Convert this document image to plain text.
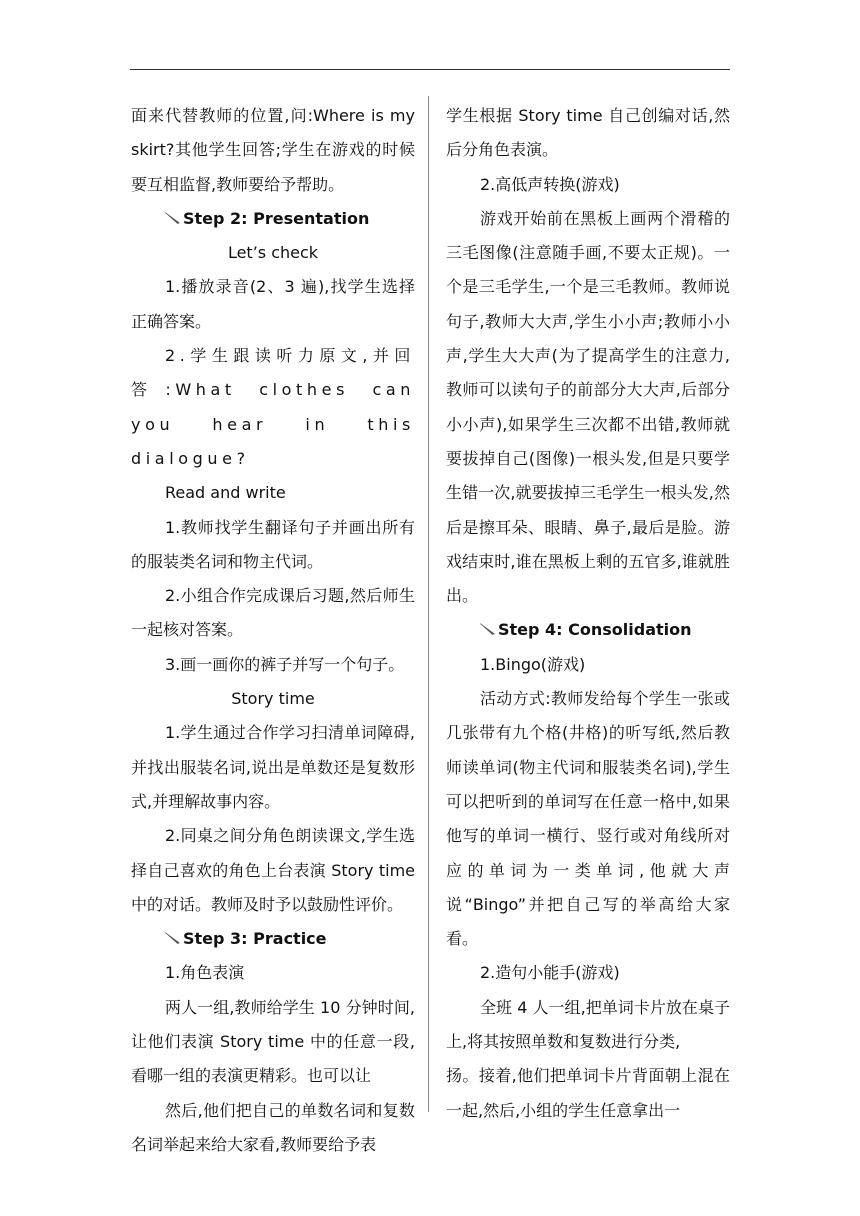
面来代替教师的位置,问:Where is my skirt?其他学生回答;学生在游戏的时候要互相监督,教师要给予帮助。

Step 2: Presentation

Let’s check

1.播放录音(2、3 遍),找学生选择正确答案。

2.学生跟读听力原文,并回答:What clothes can you hear in this dialogue?

Read and write

1.教师找学生翻译句子并画出所有的服装类名词和物主代词。

2.小组合作完成课后习题,然后师生一起核对答案。

3.画一画你的裤子并写一个句子。

Story time

1.学生通过合作学习扫清单词障碍,并找出服装名词,说出是单数还是复数形式,并理解故事内容。

2.同桌之间分角色朗读课文,学生选择自己喜欢的角色上台表演 Story time 中的对话。教师及时予以鼓励性评价。

Step 3: Practice

1.角色表演

两人一组,教师给学生 10 分钟时间,让他们表演 Story time 中的任意一段,看哪一组的表演更精彩。也可以让

然后,他们把自己的单数名词和复数名词举起来给大家看,教师要给予表

学生根据 Story time 自己创编对话,然后分角色表演。

2.高低声转换(游戏)

游戏开始前在黑板上画两个滑稽的三毛图像(注意随手画,不要太正规)。一个是三毛学生,一个是三毛教师。教师说句子,教师大大声,学生小小声;教师小小声,学生大大声(为了提高学生的注意力,教师可以读句子的前部分大大声,后部分小小声),如果学生三次都不出错,教师就要拔掉自己(图像)一根头发,但是只要学生错一次,就要拔掉三毛学生一根头发,然后是擦耳朵、眼睛、鼻子,最后是脸。游戏结束时,谁在黑板上剩的五官多,谁就胜出。

Step 4: Consolidation

1.Bingo(游戏)

活动方式:教师发给每个学生一张或几张带有九个格(井格)的听写纸,然后教师读单词(物主代词和服装类名词),学生可以把听到的单词写在任意一格中,如果他写的单词一横行、竖行或对角线所对应的单词为一类单词,他就大声说“Bingo”并把自己写的举高给大家看。

2.造句小能手(游戏)

全班 4 人一组,把单词卡片放在桌子上,将其按照单数和复数进行分类,

扬。接着,他们把单词卡片背面朝上混在一起,然后,小组的学生任意拿出一
